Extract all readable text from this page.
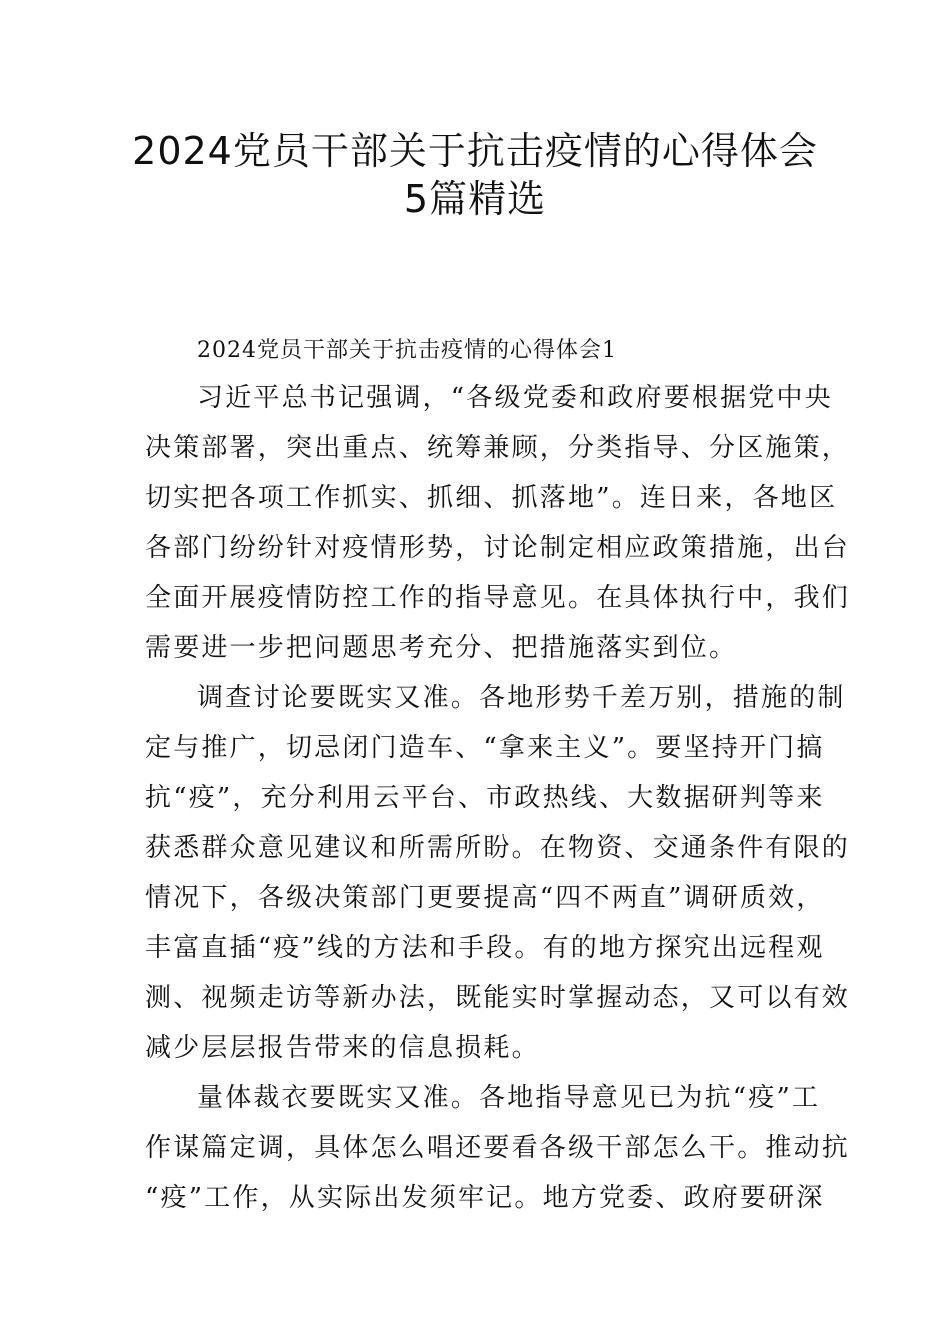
2024党员干部关于抗击疫情的心得体会
5篇精选
2024党员干部关于抗击疫情的心得体会1
习近平总书记强调，“各级党委和政府要根据党中央
决策部署，突出重点、统筹兼顾，分类指导、分区施策，
切实把各项工作抓实、抓细、抓落地”。连日来，各地区
各部门纷纷针对疫情形势，讨论制定相应政策措施，出台
全面开展疫情防控工作的指导意见。在具体执行中，我们
需要进一步把问题思考充分、把措施落实到位。
调查讨论要既实又准。各地形势千差万别，措施的制
定与推广，切忌闭门造车、“拿来主义”。要坚持开门搞
抗“疫”，充分利用云平台、市政热线、大数据研判等来
获悉群众意见建议和所需所盼。在物资、交通条件有限的
情况下，各级决策部门更要提高“四不两直”调研质效，
丰富直插“疫”线的方法和手段。有的地方探究出远程观
测、视频走访等新办法，既能实时掌握动态，又可以有效
减少层层报告带来的信息损耗。
量体裁衣要既实又准。各地指导意见已为抗“疫”工
作谋篇定调，具体怎么唱还要看各级干部怎么干。推动抗
“疫”工作，从实际出发须牢记。地方党委、政府要研深
